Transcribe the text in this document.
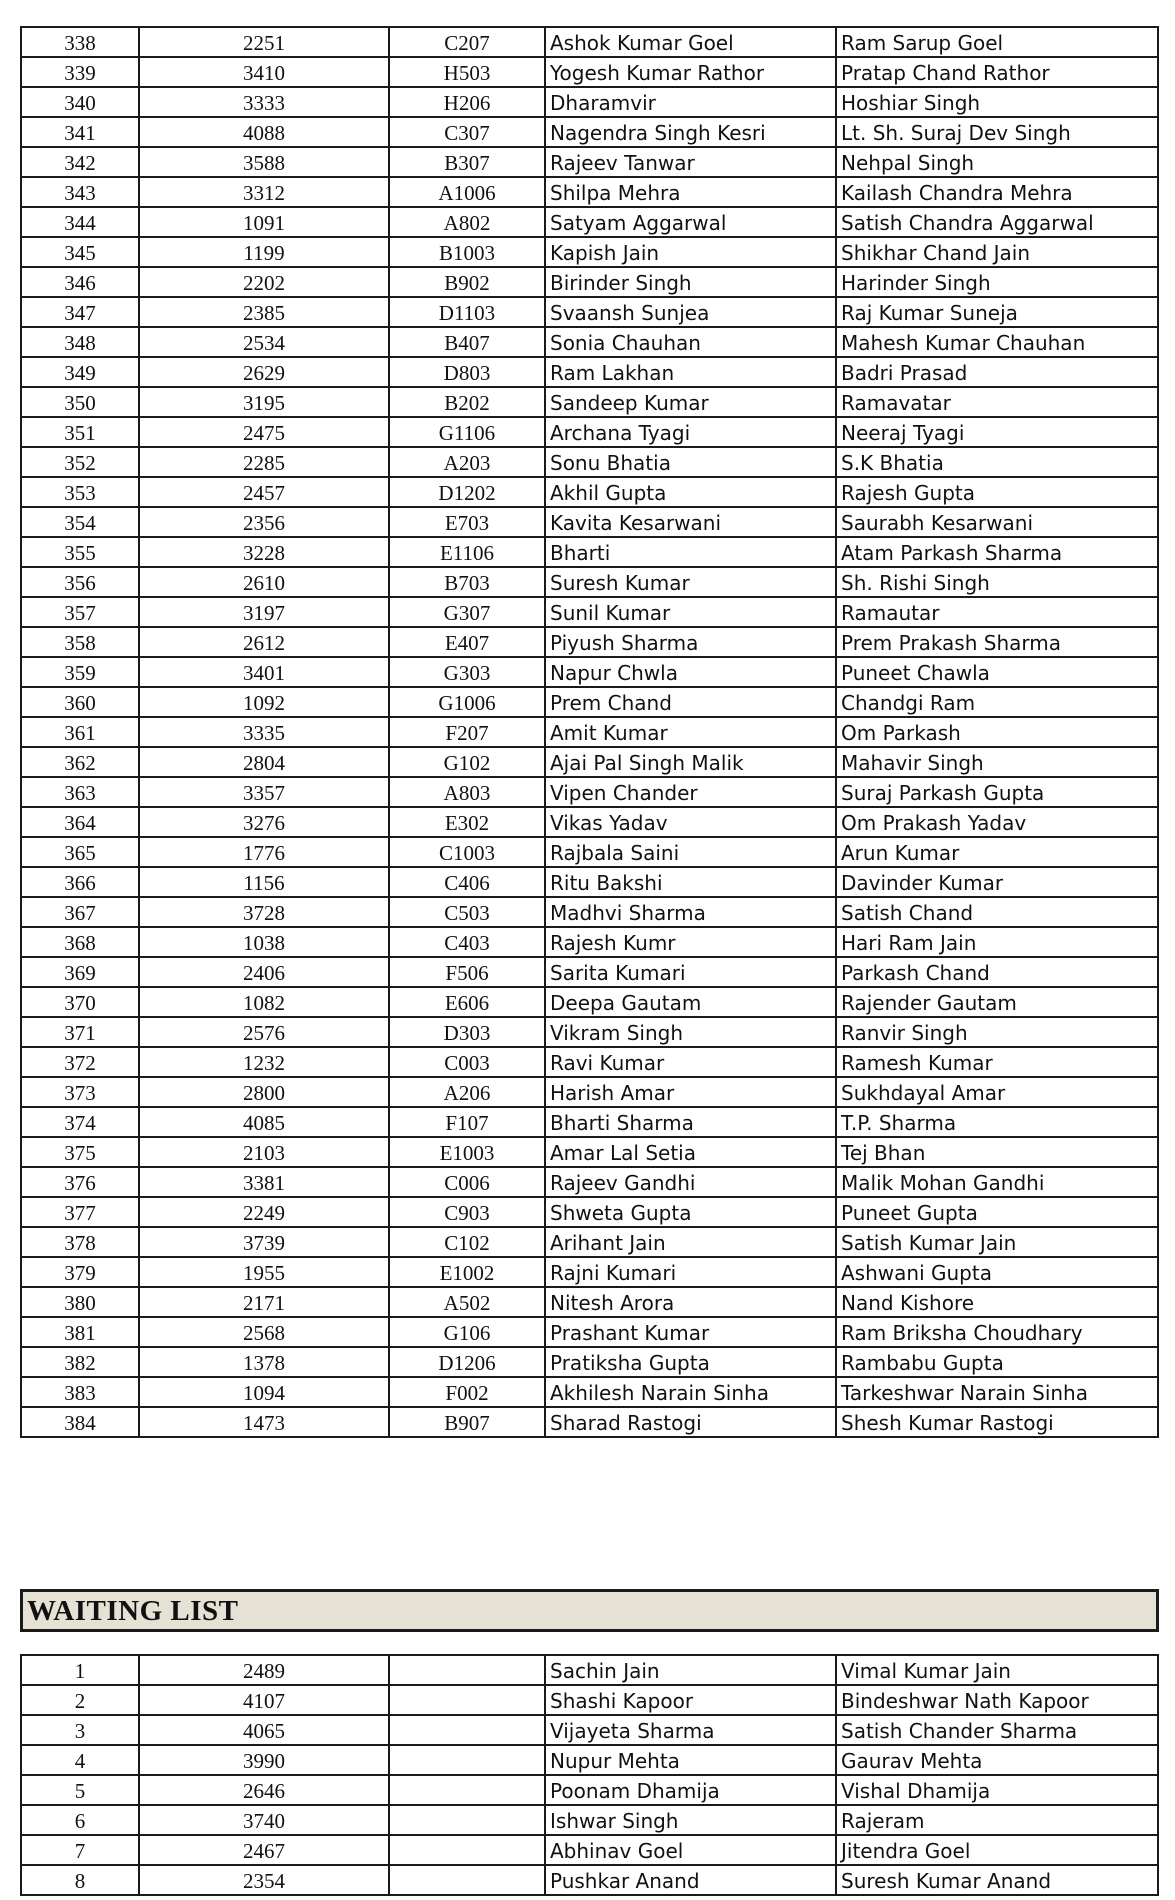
338	2251	C207	Ashok Kumar Goel	Ram Sarup Goel
339	3410	H503	Yogesh Kumar Rathor	Pratap Chand Rathor
340	3333	H206	Dharamvir	Hoshiar Singh
341	4088	C307	Nagendra Singh Kesri	Lt. Sh. Suraj Dev Singh
342	3588	B307	Rajeev Tanwar	Nehpal Singh
343	3312	A1006	Shilpa Mehra	Kailash Chandra Mehra
344	1091	A802	Satyam Aggarwal	Satish Chandra Aggarwal
345	1199	B1003	Kapish Jain	Shikhar Chand Jain
346	2202	B902	Birinder Singh	Harinder Singh
347	2385	D1103	Svaansh Sunjea	Raj Kumar Suneja
348	2534	B407	Sonia Chauhan	Mahesh Kumar Chauhan
349	2629	D803	Ram Lakhan	Badri Prasad
350	3195	B202	Sandeep Kumar	Ramavatar
351	2475	G1106	Archana Tyagi	Neeraj Tyagi
352	2285	A203	Sonu Bhatia	S.K Bhatia
353	2457	D1202	Akhil Gupta	Rajesh Gupta
354	2356	E703	Kavita Kesarwani	Saurabh Kesarwani
355	3228	E1106	Bharti	Atam Parkash Sharma
356	2610	B703	Suresh Kumar	Sh. Rishi Singh
357	3197	G307	Sunil Kumar	Ramautar
358	2612	E407	Piyush Sharma	Prem Prakash Sharma
359	3401	G303	Napur Chwla	Puneet Chawla
360	1092	G1006	Prem Chand	Chandgi Ram
361	3335	F207	Amit Kumar	Om Parkash
362	2804	G102	Ajai Pal Singh Malik	Mahavir Singh
363	3357	A803	Vipen Chander	Suraj Parkash Gupta
364	3276	E302	Vikas Yadav	Om Prakash Yadav
365	1776	C1003	Rajbala Saini	Arun Kumar
366	1156	C406	Ritu Bakshi	Davinder Kumar
367	3728	C503	Madhvi Sharma	Satish Chand
368	1038	C403	Rajesh Kumr	Hari Ram Jain
369	2406	F506	Sarita Kumari	Parkash Chand
370	1082	E606	Deepa Gautam	Rajender Gautam
371	2576	D303	Vikram Singh	Ranvir Singh
372	1232	C003	Ravi Kumar	Ramesh Kumar
373	2800	A206	Harish Amar	Sukhdayal Amar
374	4085	F107	Bharti Sharma	T.P. Sharma
375	2103	E1003	Amar Lal Setia	Tej Bhan
376	3381	C006	Rajeev Gandhi	Malik Mohan Gandhi
377	2249	C903	Shweta Gupta	Puneet Gupta
378	3739	C102	Arihant Jain	Satish Kumar Jain
379	1955	E1002	Rajni Kumari	Ashwani Gupta
380	2171	A502	Nitesh Arora	Nand Kishore
381	2568	G106	Prashant Kumar	Ram Briksha Choudhary
382	1378	D1206	Pratiksha Gupta	Rambabu Gupta
383	1094	F002	Akhilesh Narain Sinha	Tarkeshwar Narain Sinha
384	1473	B907	Sharad Rastogi	Shesh Kumar Rastogi
WAITING LIST
1	2489		Sachin Jain	Vimal Kumar Jain
2	4107		Shashi Kapoor	Bindeshwar Nath Kapoor
3	4065		Vijayeta Sharma	Satish Chander Sharma
4	3990		Nupur Mehta	Gaurav Mehta
5	2646		Poonam Dhamija	Vishal Dhamija
6	3740		Ishwar Singh	Rajeram
7	2467		Abhinav Goel	Jitendra Goel
8	2354		Pushkar Anand	Suresh Kumar Anand
